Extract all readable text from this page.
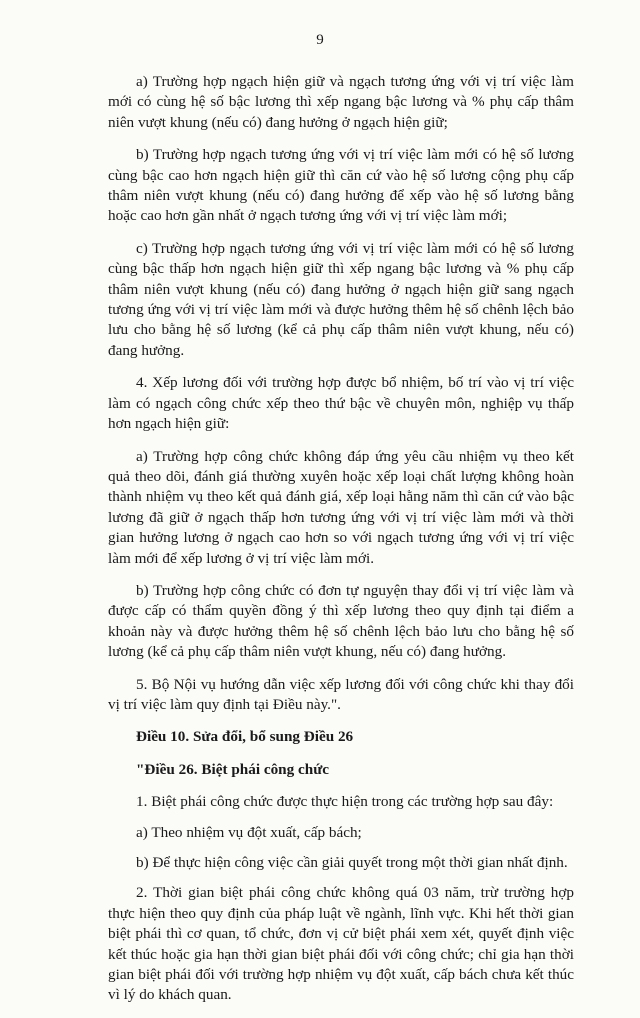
9

a) Trường hợp ngạch hiện giữ và ngạch tương ứng với vị trí việc làm mới có cùng hệ số bậc lương thì xếp ngang bậc lương và % phụ cấp thâm niên vượt khung (nếu có) đang hưởng ở ngạch hiện giữ;

b) Trường hợp ngạch tương ứng với vị trí việc làm mới có hệ số lương cùng bậc cao hơn ngạch hiện giữ thì căn cứ vào hệ số lương cộng phụ cấp thâm niên vượt khung (nếu có) đang hưởng để xếp vào hệ số lương bằng hoặc cao hơn gần nhất ở ngạch tương ứng với vị trí việc làm mới;

c) Trường hợp ngạch tương ứng với vị trí việc làm mới có hệ số lương cùng bậc thấp hơn ngạch hiện giữ thì xếp ngang bậc lương và % phụ cấp thâm niên vượt khung (nếu có) đang hưởng ở ngạch hiện giữ sang ngạch tương ứng với vị trí việc làm mới và được hưởng thêm hệ số chênh lệch bảo lưu cho bằng hệ số lương (kể cả phụ cấp thâm niên vượt khung, nếu có) đang hưởng.

4. Xếp lương đối với trường hợp được bổ nhiệm, bố trí vào vị trí việc làm có ngạch công chức xếp theo thứ bậc về chuyên môn, nghiệp vụ thấp hơn ngạch hiện giữ:

a) Trường hợp công chức không đáp ứng yêu cầu nhiệm vụ theo kết quả theo dõi, đánh giá thường xuyên hoặc xếp loại chất lượng không hoàn thành nhiệm vụ theo kết quả đánh giá, xếp loại hằng năm thì căn cứ vào bậc lương đã giữ ở ngạch thấp hơn tương ứng với vị trí việc làm mới và thời gian hưởng lương ở ngạch cao hơn so với ngạch tương ứng với vị trí việc làm mới để xếp lương ở vị trí việc làm mới.

b) Trường hợp công chức có đơn tự nguyện thay đổi vị trí việc làm và được cấp có thẩm quyền đồng ý thì xếp lương theo quy định tại điểm a khoản này và được hưởng thêm hệ số chênh lệch bảo lưu cho bằng hệ số lương (kể cả phụ cấp thâm niên vượt khung, nếu có) đang hưởng.

5. Bộ Nội vụ hướng dẫn việc xếp lương đối với công chức khi thay đổi vị trí việc làm quy định tại Điều này.".

Điều 10. Sửa đổi, bổ sung Điều 26

"Điều 26. Biệt phái công chức

1. Biệt phái công chức được thực hiện trong các trường hợp sau đây:

a) Theo nhiệm vụ đột xuất, cấp bách;

b) Để thực hiện công việc cần giải quyết trong một thời gian nhất định.

2. Thời gian biệt phái công chức không quá 03 năm, trừ trường hợp thực hiện theo quy định của pháp luật về ngành, lĩnh vực. Khi hết thời gian biệt phái thì cơ quan, tổ chức, đơn vị cử biệt phái xem xét, quyết định việc kết thúc hoặc gia hạn thời gian biệt phái đối với công chức; chỉ gia hạn thời gian biệt phái đối với trường hợp nhiệm vụ đột xuất, cấp bách chưa kết thúc vì lý do khách quan.
